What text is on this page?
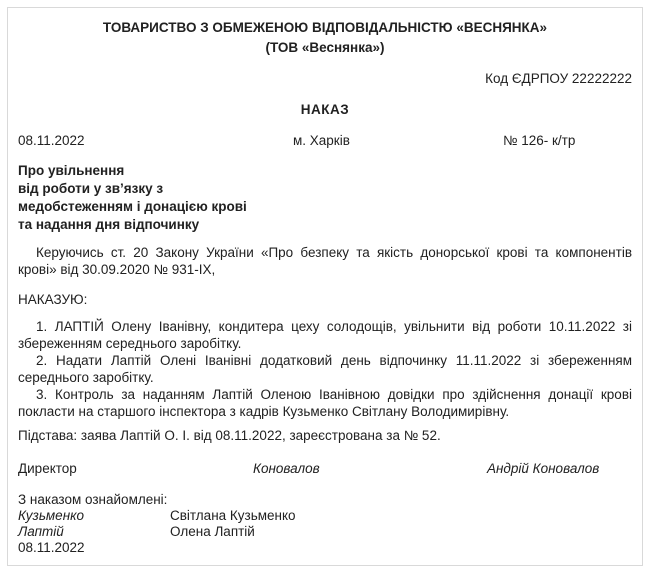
ТОВАРИСТВО З ОБМЕЖЕНОЮ ВІДПОВІДАЛЬНІСТЮ «ВЕСНЯНКА»
(ТОВ «Веснянка»)
Код ЄДРПОУ 22222222
НАКАЗ
08.11.2022	м. Харків	№ 126- к/тр
Про увільнення
від роботи у зв’язку з
медобстеженням і донацією крові
та надання дня відпочинку

Керуючись ст. 20 Закону України «Про безпеку та якість донорської крові та компонентів крові» від 30.09.2020 № 931-IX,

НАКАЗУЮ:

1. ЛАПТІЙ Олену Іванівну, кондитера цеху солодощів, увільнити від роботи 10.11.2022 зі збереженням середнього заробітку.

2. Надати Лаптій Олені Іванівні додатковий день відпочинку 11.11.2022 зі збереженням середнього заробітку.

3. Контроль за наданням Лаптій Оленою Іванівною довідки про здійснення донації крові покласти на старшого інспектора з кадрів Кузьменко Світлану Володимирівну.

Підстава: заява Лаптій О. І. від 08.11.2022, зареєстрована за № 52.

Директор	Коновалов	Андрій Коновалов
З наказом ознайомлені:
Кузьменко	Світлана Кузьменко
Лаптій	Олена Лаптій
08.11.2022
